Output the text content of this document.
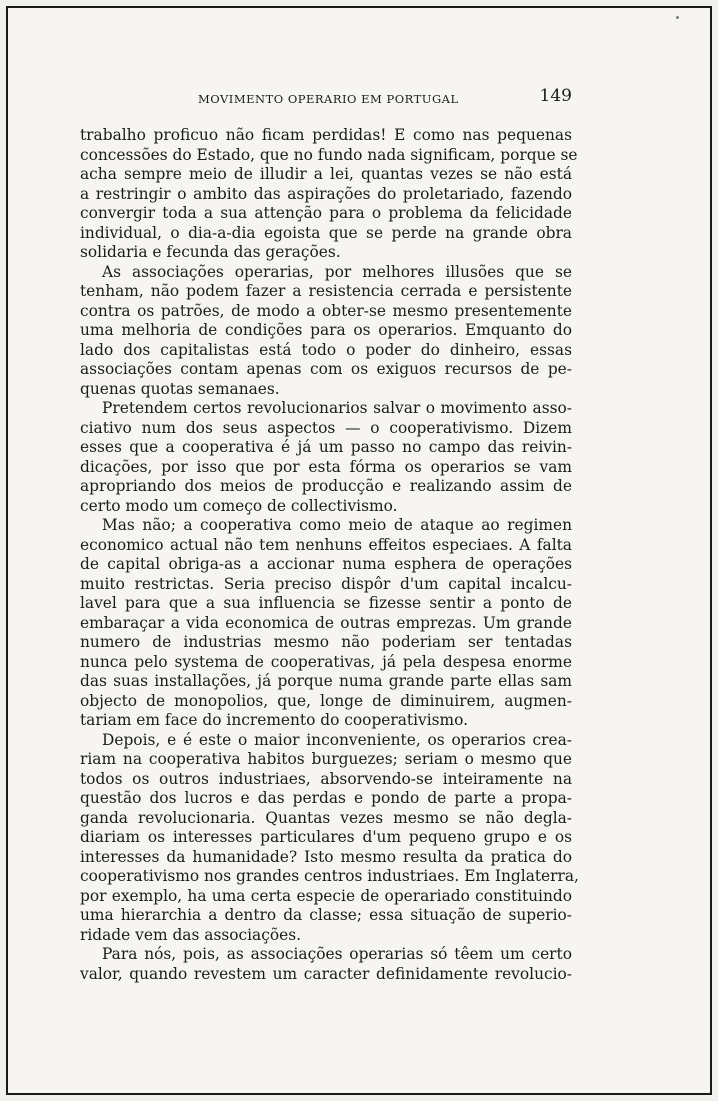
MOVIMENTO OPERARIO EM PORTUGAL	149

trabalho proficuo não ficam perdidas! E como nas pequenas
concessões do Estado, que no fundo nada significam, porque se
acha sempre meio de illudir a lei, quantas vezes se não está
a restringir o ambito das aspirações do proletariado, fazendo
convergir toda a sua attenção para o problema da felicidade
individual, o dia-a-dia egoista que se perde na grande obra
solidaria e fecunda das gerações.

As associações operarias, por melhores illusões que se
tenham, não podem fazer a resistencia cerrada e persistente
contra os patrões, de modo a obter-se mesmo presentemente
uma melhoria de condições para os operarios. Emquanto do
lado dos capitalistas está todo o poder do dinheiro, essas
associações contam apenas com os exiguos recursos de pe-
quenas quotas semanaes.

Pretendem certos revolucionarios salvar o movimento asso-
ciativo num dos seus aspectos — o cooperativismo. Dizem
esses que a cooperativa é já um passo no campo das reivin-
dicações, por isso que por esta fórma os operarios se vam
apropriando dos meios de producção e realizando assim de
certo modo um começo de collectivismo.

Mas não; a cooperativa como meio de ataque ao regimen
economico actual não tem nenhuns effeitos especiaes. A falta
de capital obriga-as a accionar numa esphera de operações
muito restrictas. Seria preciso dispôr d'um capital incalcu-
lavel para que a sua influencia se fizesse sentir a ponto de
embaraçar a vida economica de outras emprezas. Um grande
numero de industrias mesmo não poderiam ser tentadas
nunca pelo systema de cooperativas, já pela despesa enorme
das suas installações, já porque numa grande parte ellas sam
objecto de monopolios, que, longe de diminuirem, augmen-
tariam em face do incremento do cooperativismo.

Depois, e é este o maior inconveniente, os operarios crea-
riam na cooperativa habitos burguezes; seriam o mesmo que
todos os outros industriaes, absorvendo-se inteiramente na
questão dos lucros e das perdas e pondo de parte a propa-
ganda revolucionaria. Quantas vezes mesmo se não degla-
diariam os interesses particulares d'um pequeno grupo e os
interesses da humanidade? Isto mesmo resulta da pratica do
cooperativismo nos grandes centros industriaes. Em Inglaterra,
por exemplo, ha uma certa especie de operariado constituindo
uma hierarchia a dentro da classe; essa situação de superio-
ridade vem das associações.

Para nós, pois, as associações operarias só têem um certo
valor, quando revestem um caracter definidamente revolucio-
